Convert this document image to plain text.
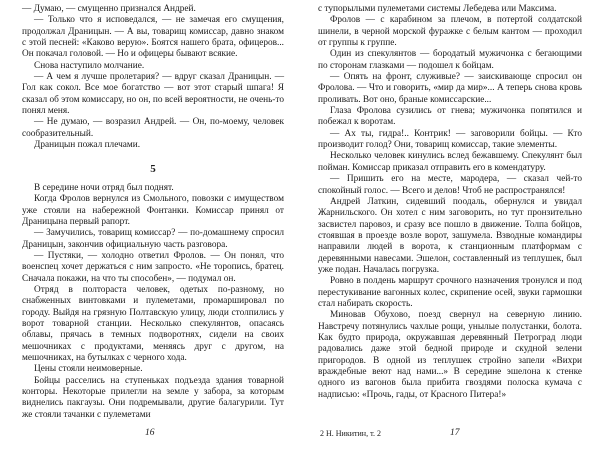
— Думаю, — смущенно признался Андрей.

— Только что я исповедался, — не замечая его смущения, продолжал Драницын. — А вы, товарищ комиссар, давно знаком с этой песней: «Каково верую». Боятся нашего брата, офицеров... Он покачал головой. — Но и офицеры бывают всякие.

Снова наступило молчание.

— А чем я лучше пролетария? — вдруг сказал Драницын. — Гол как сокол. Все мое богатство — вот этот старый шпага! Я сказал об этом комиссару, но он, по всей вероятности, не очень-то понял меня.

— Не думаю, — возразил Андрей. — Он, по-моему, человек сообразительный.

Драницын пожал плечами.

5

В середине ночи отряд был поднят.

Когда Фролов вернулся из Смольного, повозки с имуществом уже стояли на набережной Фонтанки. Комиссар принял от Драницына первый рапорт.

— Замучились, товарищ комиссар? — по-домашнему спросил Драницын, закончив официальную часть разговора.

— Пустяки, — холодно ответил Фролов. — Он понял, что военспец хочет держаться с ним запросто. «Не торопись, братец. Сначала покажи, на что ты способен», — подумал он.

Отряд в полтораста человек, одетых по-разному, но снабженных винтовками и пулеметами, промаршировал по городу. Выйдя на грязную Полтавскую улицу, люди столпились у ворот товарной станции. Несколько спекулянтов, опасаясь облавы, прячась в темных подворотнях, сидели на своих мешочниках с продуктами, меняясь друг с другом, на мешочниках, на бутылках с черного хода.

Цены стояли неимоверные.

Бойцы расселись на ступеньках подъезда здания товарной конторы. Некоторые прилегли на земле у забора, за которым виднелись пакгаузы. Они подремывали, другие балагурили. Тут же стояли тачанки с пулеметами

16

с тупорылыми пулеметами системы Лебедева или Максима.

Фролов — с карабином за плечом, в потертой солдатской шинели, в черной морской фуражке с белым кантом — проходил от группы к группе.

Один из спекулянтов — бородатый мужичонка с бегающими по сторонам глазками — подошел к бойцам.

— Опять на фронт, служивые? — заискивающе спросил он Фролова. — Что и говорить, «мир да мир»... А теперь снова кровь проливать. Вот оно, браные комиссарские...

Глаза Фролова сузились от гнева; мужичонка попятился и побежал к воротам.

— Ах ты, гидра!.. Контрик! — заговорили бойцы. — Кто производит голод? Они, товарищ комиссар, такие элементы.

Несколько человек кинулись вслед бежавшему. Спекулянт был пойман. Комиссар приказал отправить его в комендатуру.

— Пришить его на месте, мародера, — сказал чей-то спокойный голос. — Всего и делов! Чтоб не распространялся!

Андрей Латкин, сидевший поодаль, обернулся и увидал Жарнильского. Он хотел с ним заговорить, но тут пронзительно засвистел паровоз, и сразу все пошло в движение. Толпа бойцов, стоявшая в проезде возле ворот, зашумела. Взводные командиры направили людей в ворота, к станционным платформам с деревянными навесами. Эшелон, составленный из теплушек, был уже подан. Началась погрузка.

Ровно в полдень маршрут срочного назначения тронулся и под перестукивание вагонных колес, скрипение осей, звуки гармошки стал набирать скорость.

Миновав Обухово, поезд свернул на северную линию. Навстречу потянулись чахлые рощи, унылые полустанки, болота. Как будто природа, окружавшая деревянный Петроград люди радовались даже этой бедной природе и скудной зелени пригородов. В одной из теплушек стройно запели «Вихри враждебные веют над нами...» В середине эшелона к стенке одного из вагонов была прибита гвоздями полоска кумача с надписью: «Прочь, гады, от Красного Питера!»

2 Н. Никитин, т. 2	17
